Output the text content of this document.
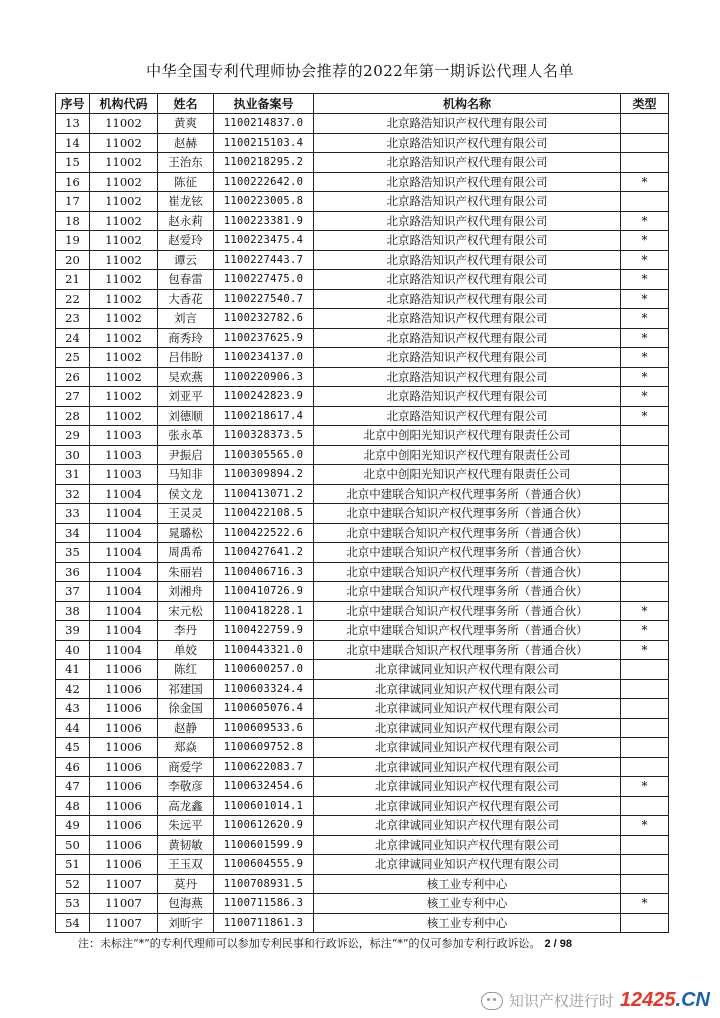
中华全国专利代理师协会推荐的2022年第一期诉讼代理人名单
序号	机构代码	姓名	执业备案号	机构名称	类型
13	11002	黄爽	1100214837.0	北京路浩知识产权代理有限公司	
14	11002	赵赫	1100215103.4	北京路浩知识产权代理有限公司	
15	11002	王治东	1100218295.2	北京路浩知识产权代理有限公司	
16	11002	陈征	1100222642.0	北京路浩知识产权代理有限公司	*
17	11002	崔龙铉	1100223005.8	北京路浩知识产权代理有限公司	
18	11002	赵永莉	1100223381.9	北京路浩知识产权代理有限公司	*
19	11002	赵爱玲	1100223475.4	北京路浩知识产权代理有限公司	*
20	11002	谭云	1100227443.7	北京路浩知识产权代理有限公司	*
21	11002	包春雷	1100227475.0	北京路浩知识产权代理有限公司	*
22	11002	大香花	1100227540.7	北京路浩知识产权代理有限公司	*
23	11002	刘言	1100232782.6	北京路浩知识产权代理有限公司	*
24	11002	商秀玲	1100237625.9	北京路浩知识产权代理有限公司	*
25	11002	吕伟盼	1100234137.0	北京路浩知识产权代理有限公司	*
26	11002	吴欢燕	1100220906.3	北京路浩知识产权代理有限公司	*
27	11002	刘亚平	1100242823.9	北京路浩知识产权代理有限公司	*
28	11002	刘德顺	1100218617.4	北京路浩知识产权代理有限公司	*
29	11003	张永革	1100328373.5	北京中创阳光知识产权代理有限责任公司	
30	11003	尹振启	1100305565.0	北京中创阳光知识产权代理有限责任公司	
31	11003	马知非	1100309894.2	北京中创阳光知识产权代理有限责任公司	
32	11004	侯文龙	1100413071.2	北京中建联合知识产权代理事务所（普通合伙）	
33	11004	王灵灵	1100422108.5	北京中建联合知识产权代理事务所（普通合伙）	
34	11004	晁璐松	1100422522.6	北京中建联合知识产权代理事务所（普通合伙）	
35	11004	周禹希	1100427641.2	北京中建联合知识产权代理事务所（普通合伙）	
36	11004	朱丽岩	1100406716.3	北京中建联合知识产权代理事务所（普通合伙）	
37	11004	刘湘舟	1100410726.9	北京中建联合知识产权代理事务所（普通合伙）	
38	11004	宋元松	1100418228.1	北京中建联合知识产权代理事务所（普通合伙）	*
39	11004	李丹	1100422759.9	北京中建联合知识产权代理事务所（普通合伙）	*
40	11004	单姣	1100443321.0	北京中建联合知识产权代理事务所（普通合伙）	*
41	11006	陈红	1100600257.0	北京律诚同业知识产权代理有限公司	
42	11006	祁建国	1100603324.4	北京律诚同业知识产权代理有限公司	
43	11006	徐金国	1100605076.4	北京律诚同业知识产权代理有限公司	
44	11006	赵静	1100609533.6	北京律诚同业知识产权代理有限公司	
45	11006	郑焱	1100609752.8	北京律诚同业知识产权代理有限公司	
46	11006	商爱学	1100622083.7	北京律诚同业知识产权代理有限公司	
47	11006	李敬彦	1100632454.6	北京律诚同业知识产权代理有限公司	*
48	11006	高龙鑫	1100601014.1	北京律诚同业知识产权代理有限公司	
49	11006	朱远平	1100612620.9	北京律诚同业知识产权代理有限公司	*
50	11006	黄韧敏	1100601599.9	北京律诚同业知识产权代理有限公司	
51	11006	王玉双	1100604555.9	北京律诚同业知识产权代理有限公司	
52	11007	莫丹	1100708931.5	核工业专利中心	
53	11007	包海燕	1100711586.3	核工业专利中心	*
54	11007	刘昕宇	1100711861.3	核工业专利中心	
注：未标注“*”的专利代理师可以参加专利民事和行政诉讼，标注“*”的仅可参加专利行政诉讼。 2 / 98
知识产权进行时 12425.CN
